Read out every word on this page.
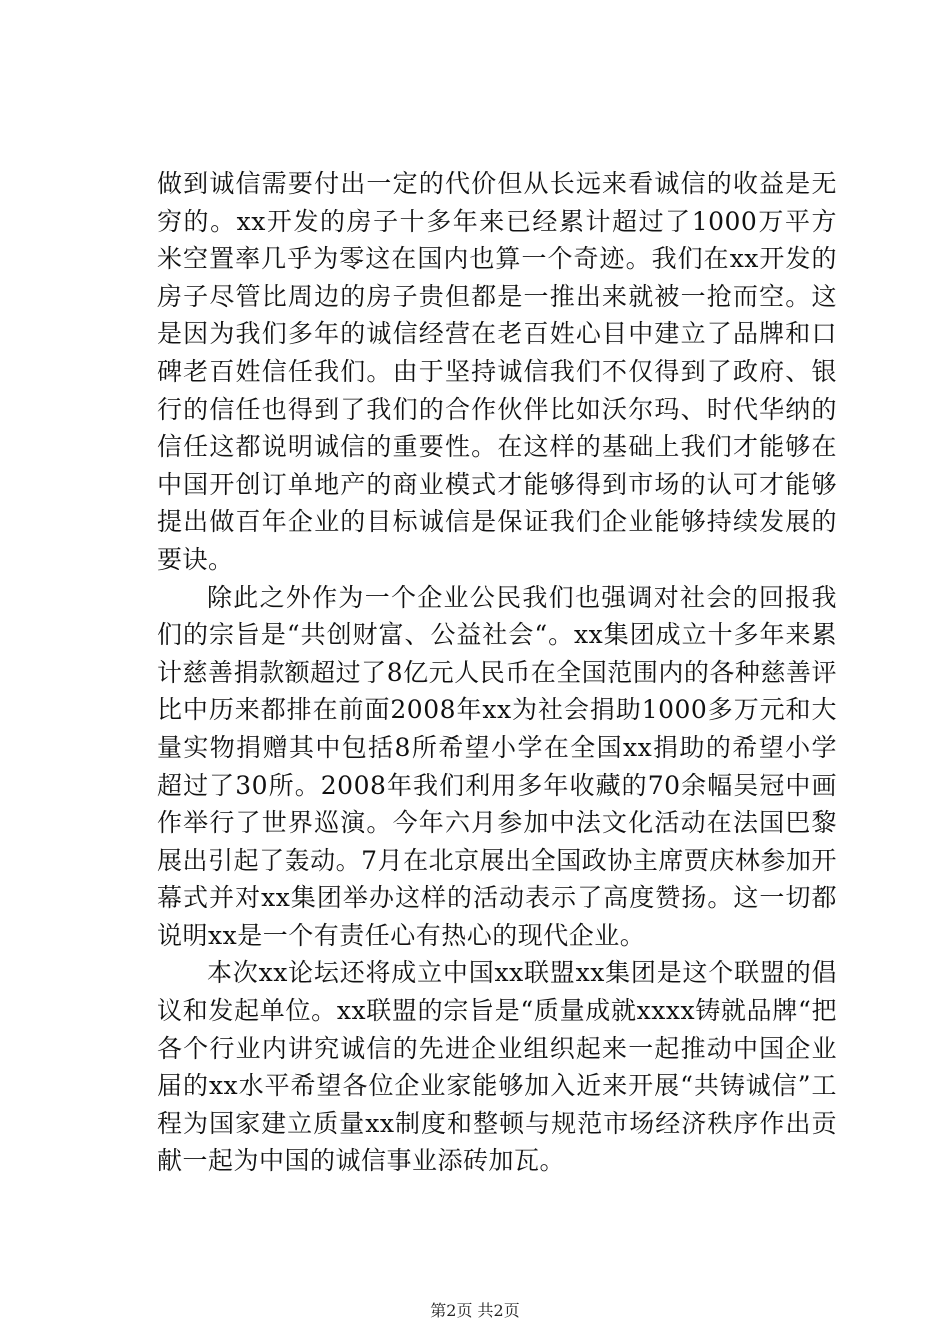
做到诚信需要付出一定的代价但从长远来看诚信的收益是无穷的。xx开发的房子十多年来已经累计超过了1000万平方米空置率几乎为零这在国内也算一个奇迹。我们在xx开发的房子尽管比周边的房子贵但都是一推出来就被一抢而空。这是因为我们多年的诚信经营在老百姓心目中建立了品牌和口碑老百姓信任我们。由于坚持诚信我们不仅得到了政府、银行的信任也得到了我们的合作伙伴比如沃尔玛、时代华纳的信任这都说明诚信的重要性。在这样的基础上我们才能够在中国开创订单地产的商业模式才能够得到市场的认可才能够提出做百年企业的目标诚信是保证我们企业能够持续发展的要诀。

除此之外作为一个企业公民我们也强调对社会的回报我们的宗旨是“共创财富、公益社会“。xx集团成立十多年来累计慈善捐款额超过了8亿元人民币在全国范围内的各种慈善评比中历来都排在前面2008年xx为社会捐助1000多万元和大量实物捐赠其中包括8所希望小学在全国xx捐助的希望小学超过了30所。2008年我们利用多年收藏的70余幅吴冠中画作举行了世界巡演。今年六月参加中法文化活动在法国巴黎展出引起了轰动。7月在北京展出全国政协主席贾庆林参加开幕式并对xx集团举办这样的活动表示了高度赞扬。这一切都说明xx是一个有责任心有热心的现代企业。

本次xx论坛还将成立中国xx联盟xx集团是这个联盟的倡议和发起单位。xx联盟的宗旨是“质量成就xxxx铸就品牌“把各个行业内讲究诚信的先进企业组织起来一起推动中国企业届的xx水平希望各位企业家能够加入近来开展“共铸诚信”工程为国家建立质量xx制度和整顿与规范市场经济秩序作出贡献一起为中国的诚信事业添砖加瓦。

第2页 共2页
